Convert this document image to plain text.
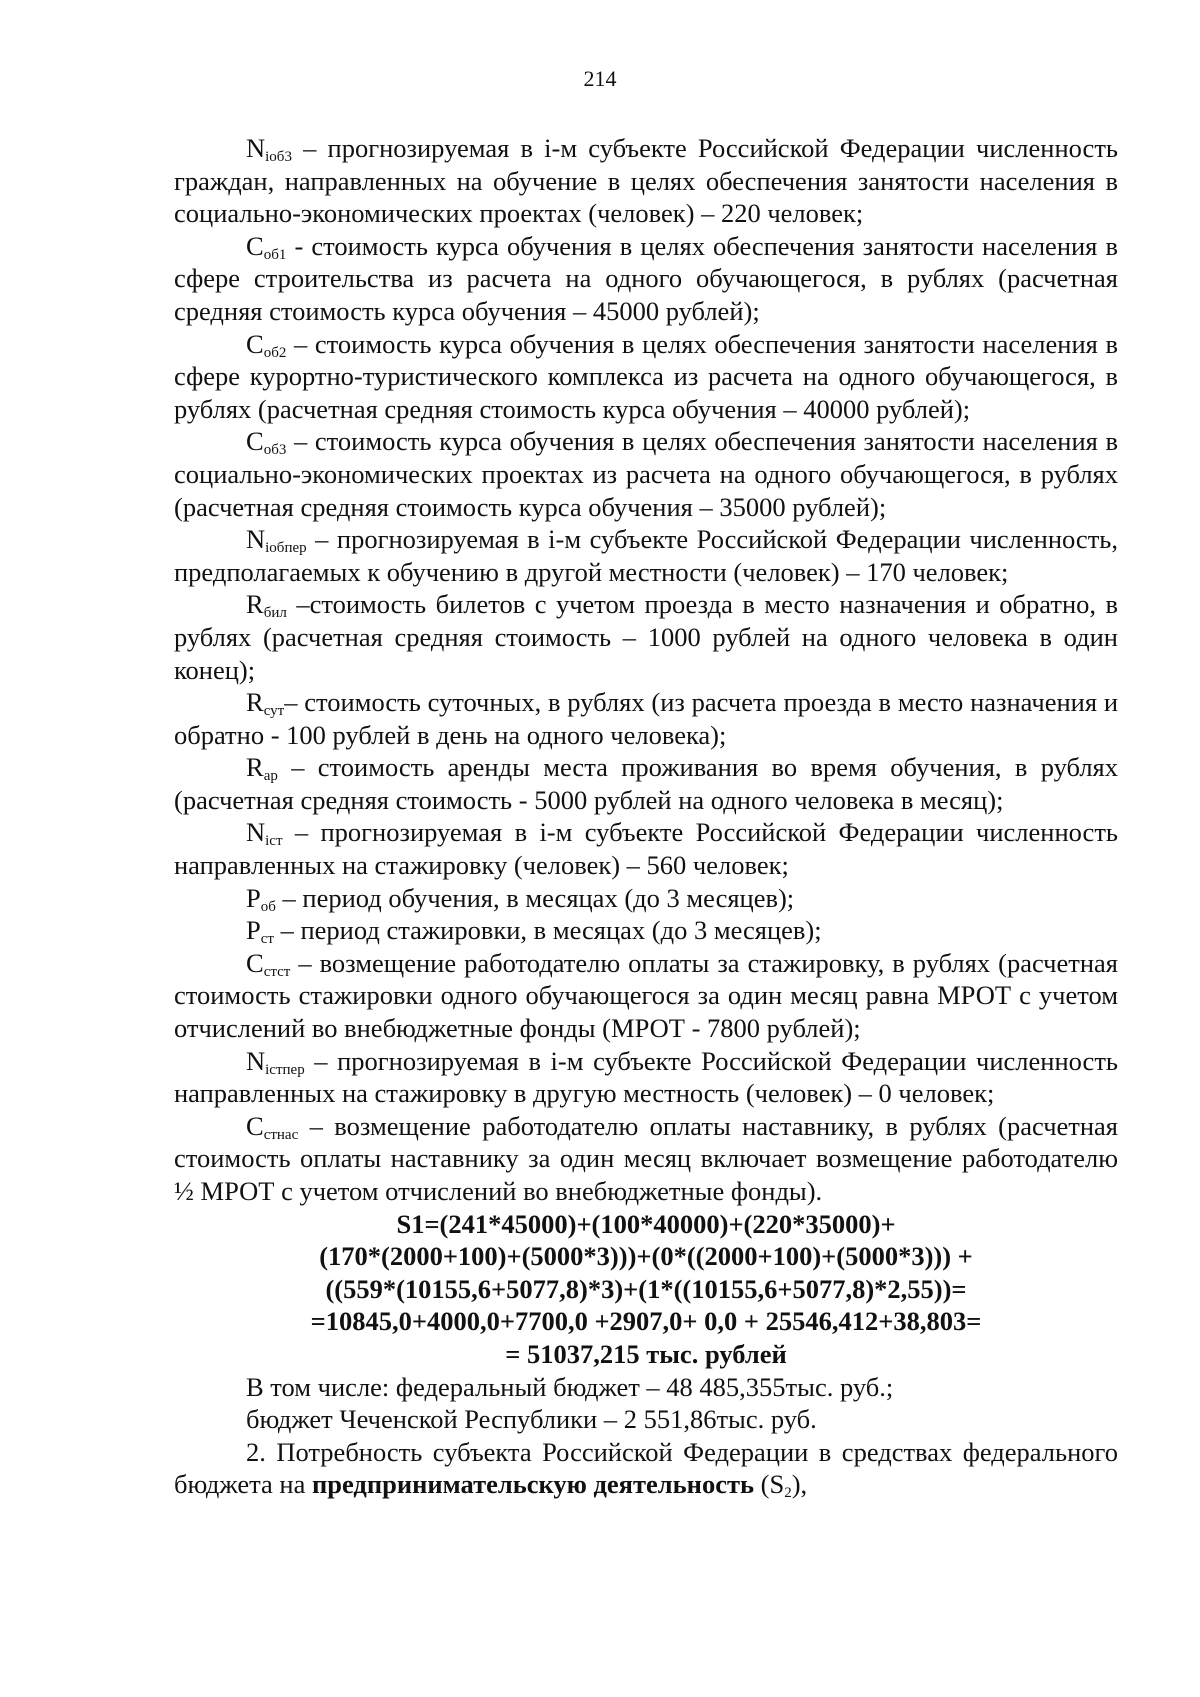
214

$N_{iоб3}$ – прогнозируемая в i-м субъекте Российской Федерации численность граждан, направленных на обучение в целях обеспечения занятости населения в социально-экономических проектах (человек) – 220 человек;

$C_{об1}$ - стоимость курса обучения в целях обеспечения занятости населения в сфере строительства из расчета на одного обучающегося, в рублях (расчетная средняя стоимость курса обучения – 45000 рублей);

$C_{об2}$ – стоимость курса обучения в целях обеспечения занятости населения в сфере курортно-туристического комплекса из расчета на одного обучающегося, в рублях (расчетная средняя стоимость курса обучения – 40000 рублей);

$C_{об3}$ – стоимость курса обучения в целях обеспечения занятости населения в социально-экономических проектах из расчета на одного обучающегося, в рублях (расчетная средняя стоимость курса обучения – 35000 рублей);

$N_{iобпер}$ – прогнозируемая в i-м субъекте Российской Федерации численность, предполагаемых к обучению в другой местности (человек) – 170 человек;

$R_{бил}$ –стоимость билетов с учетом проезда в место назначения и обратно, в рублях (расчетная средняя стоимость – 1000 рублей на одного человека в один конец);

$R_{сут}-$ стоимость суточных, в рублях (из расчета проезда в место назначения и обратно - 100 рублей в день на одного человека);

$R_{ар}$ – стоимость аренды места проживания во время обучения, в рублях (расчетная средняя стоимость - 5000 рублей на одного человека в месяц);

$N_{iст}$ – прогнозируемая в i-м субъекте Российской Федерации численность направленных на стажировку (человек) – 560 человек;

$P_{об}$ – период обучения, в месяцах (до 3 месяцев);

$P_{ст}$ – период стажировки, в месяцах (до 3 месяцев);

$C_{стст}$ – возмещение работодателю оплаты за стажировку, в рублях (расчетная стоимость стажировки одного обучающегося за один месяц равна МРОТ с учетом отчислений во внебюджетные фонды (МРОТ - 7800 рублей);

$N_{iстпер}$ – прогнозируемая в i-м субъекте Российской Федерации численность направленных на стажировку в другую местность (человек) – 0 человек;

$C_{стнас}$ – возмещение работодателю оплаты наставнику, в рублях (расчетная стоимость оплаты наставнику за один месяц включает возмещение работодателю ½ МРОТ с учетом отчислений во внебюджетные фонды).

S1=(241*45000)+(100*40000)+(220*35000)+
(170*(2000+100)+(5000*3)))+(0*((2000+100)+(5000*3))) +
((559*(10155,6+5077,8)*3)+(1*((10155,6+5077,8)*2,55))=
=10845,0+4000,0+7700,0 +2907,0+ 0,0 + 25546,412+38,803=
= 51037,215 тыс. рублей

В том числе: федеральный бюджет – 48 485,355тыс. руб.;

бюджет Чеченской Республики – 2 551,86тыс. руб.

2. Потребность субъекта Российской Федерации в средствах федерального бюджета на предпринимательскую деятельность $(S_2)$,
